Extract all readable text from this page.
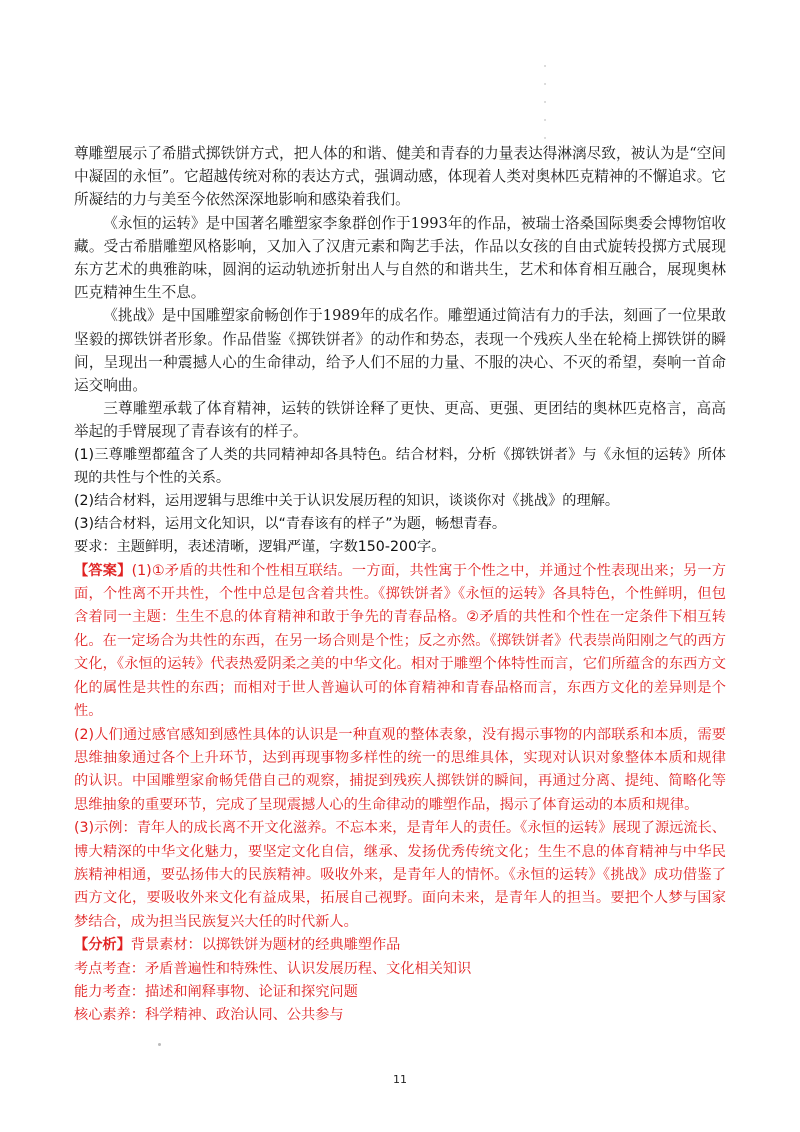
·
·
·
·
·

尊雕塑展示了希腊式掷铁饼方式，把人体的和谐、健美和青春的力量表达得淋漓尽致，被认为是“空间中凝固的永恒”。它超越传统对称的表达方式，强调动感，体现着人类对奥林匹克精神的不懈追求。它所凝结的力与美至今依然深深地影响和感染着我们。

《永恒的运转》是中国著名雕塑家李象群创作于1993年的作品，被瑞士洛桑国际奥委会博物馆收藏。受古希腊雕塑风格影响，又加入了汉唐元素和陶艺手法，作品以女孩的自由式旋转投掷方式展现东方艺术的典雅韵味，圆润的运动轨迹折射出人与自然的和谐共生，艺术和体育相互融合，展现奥林匹克精神生生不息。

《挑战》是中国雕塑家俞畅创作于1989年的成名作。雕塑通过简洁有力的手法，刻画了一位果敢坚毅的掷铁饼者形象。作品借鉴《掷铁饼者》的动作和势态，表现一个残疾人坐在轮椅上掷铁饼的瞬间，呈现出一种震撼人心的生命律动，给予人们不屈的力量、不服的决心、不灭的希望，奏响一首命运交响曲。

三尊雕塑承载了体育精神，运转的铁饼诠释了更快、更高、更强、更团结的奥林匹克格言，高高举起的手臂展现了青春该有的样子。

(1)三尊雕塑都蕴含了人类的共同精神却各具特色。结合材料，分析《掷铁饼者》与《永恒的运转》所体现的共性与个性的关系。

(2)结合材料，运用逻辑与思维中关于认识发展历程的知识，谈谈你对《挑战》的理解。

(3)结合材料，运用文化知识，以“青春该有的样子”为题，畅想青春。

要求：主题鲜明，表述清晰，逻辑严谨，字数150-200字。

【答案】(1)①矛盾的共性和个性相互联结。一方面，共性寓于个性之中，并通过个性表现出来；另一方面，个性离不开共性，个性中总是包含着共性。《掷铁饼者》《永恒的运转》各具特色，个性鲜明，但包含着同一主题：生生不息的体育精神和敢于争先的青春品格。②矛盾的共性和个性在一定条件下相互转化。在一定场合为共性的东西，在另一场合则是个性；反之亦然。《掷铁饼者》代表崇尚阳刚之气的西方文化，《永恒的运转》代表热爱阴柔之美的中华文化。相对于雕塑个体特性而言，它们所蕴含的东西方文化的属性是共性的东西；而相对于世人普遍认可的体育精神和青春品格而言，东西方文化的差异则是个性。

(2)人们通过感官感知到感性具体的认识是一种直观的整体表象，没有揭示事物的内部联系和本质，需要思维抽象通过各个上升环节，达到再现事物多样性的统一的思维具体，实现对认识对象整体本质和规律的认识。中国雕塑家俞畅凭借自己的观察，捕捉到残疾人掷铁饼的瞬间，再通过分离、提纯、简略化等思维抽象的重要环节，完成了呈现震撼人心的生命律动的雕塑作品，揭示了体育运动的本质和规律。

(3)示例：青年人的成长离不开文化滋养。不忘本来，是青年人的责任。《永恒的运转》展现了源远流长、博大精深的中华文化魅力，要坚定文化自信，继承、发扬优秀传统文化；生生不息的体育精神与中华民族精神相通，要弘扬伟大的民族精神。吸收外来，是青年人的情怀。《永恒的运转》《挑战》成功借鉴了西方文化，要吸收外来文化有益成果，拓展自己视野。面向未来，是青年人的担当。要把个人梦与国家梦结合，成为担当民族复兴大任的时代新人。

【分析】背景素材：以掷铁饼为题材的经典雕塑作品

考点考查：矛盾普遍性和特殊性、认识发展历程、文化相关知识

能力考查：描述和阐释事物、论证和探究问题

核心素养：科学精神、政治认同、公共参与

11
